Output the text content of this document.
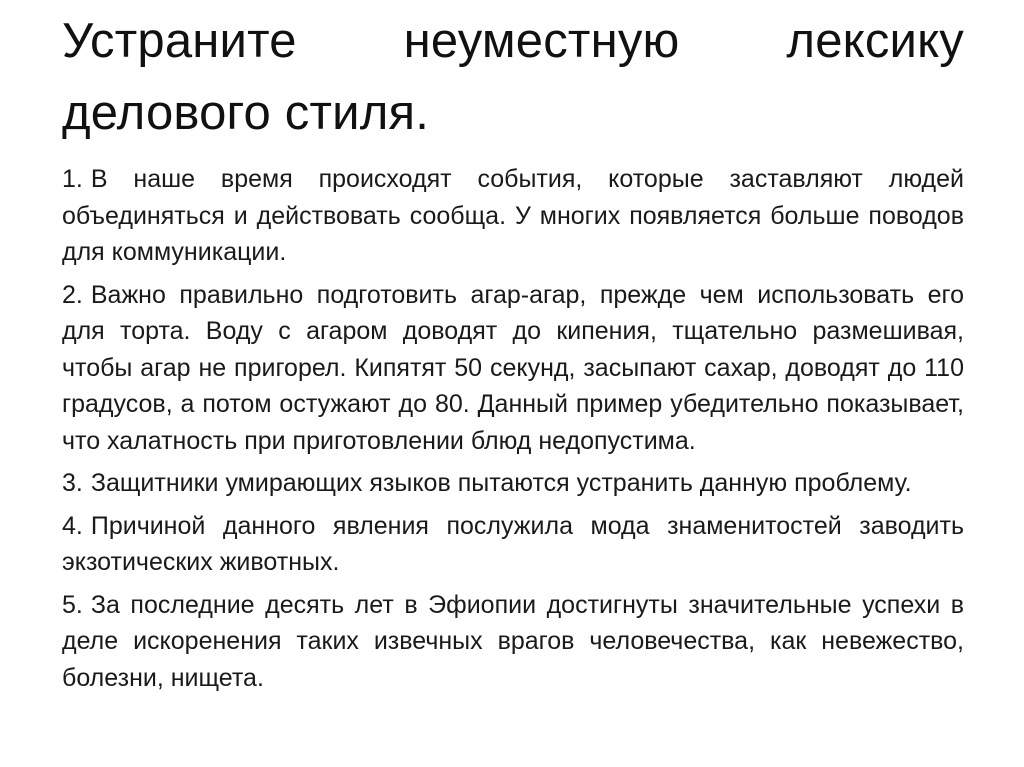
Устраните неуместную лексику делового стиля.
1. В наше время происходят события, которые заставляют людей объединяться и действовать сообща. У многих появляется больше поводов для коммуникации.
2. Важно правильно подготовить агар-агар, прежде чем использовать его для торта. Воду с агаром доводят до кипения, тщательно размешивая, чтобы агар не пригорел. Кипятят 50 секунд, засыпают сахар, доводят до 110 градусов, а потом остужают до 80. Данный пример убедительно показывает, что халатность при приготовлении блюд недопустима.
3. Защитники умирающих языков пытаются устранить данную проблему.
4. Причиной данного явления послужила мода знаменитостей заводить экзотических животных.
5. За последние десять лет в Эфиопии достигнуты значительные успехи в деле искоренения таких извечных врагов человечества, как невежество, болезни, нищета.
